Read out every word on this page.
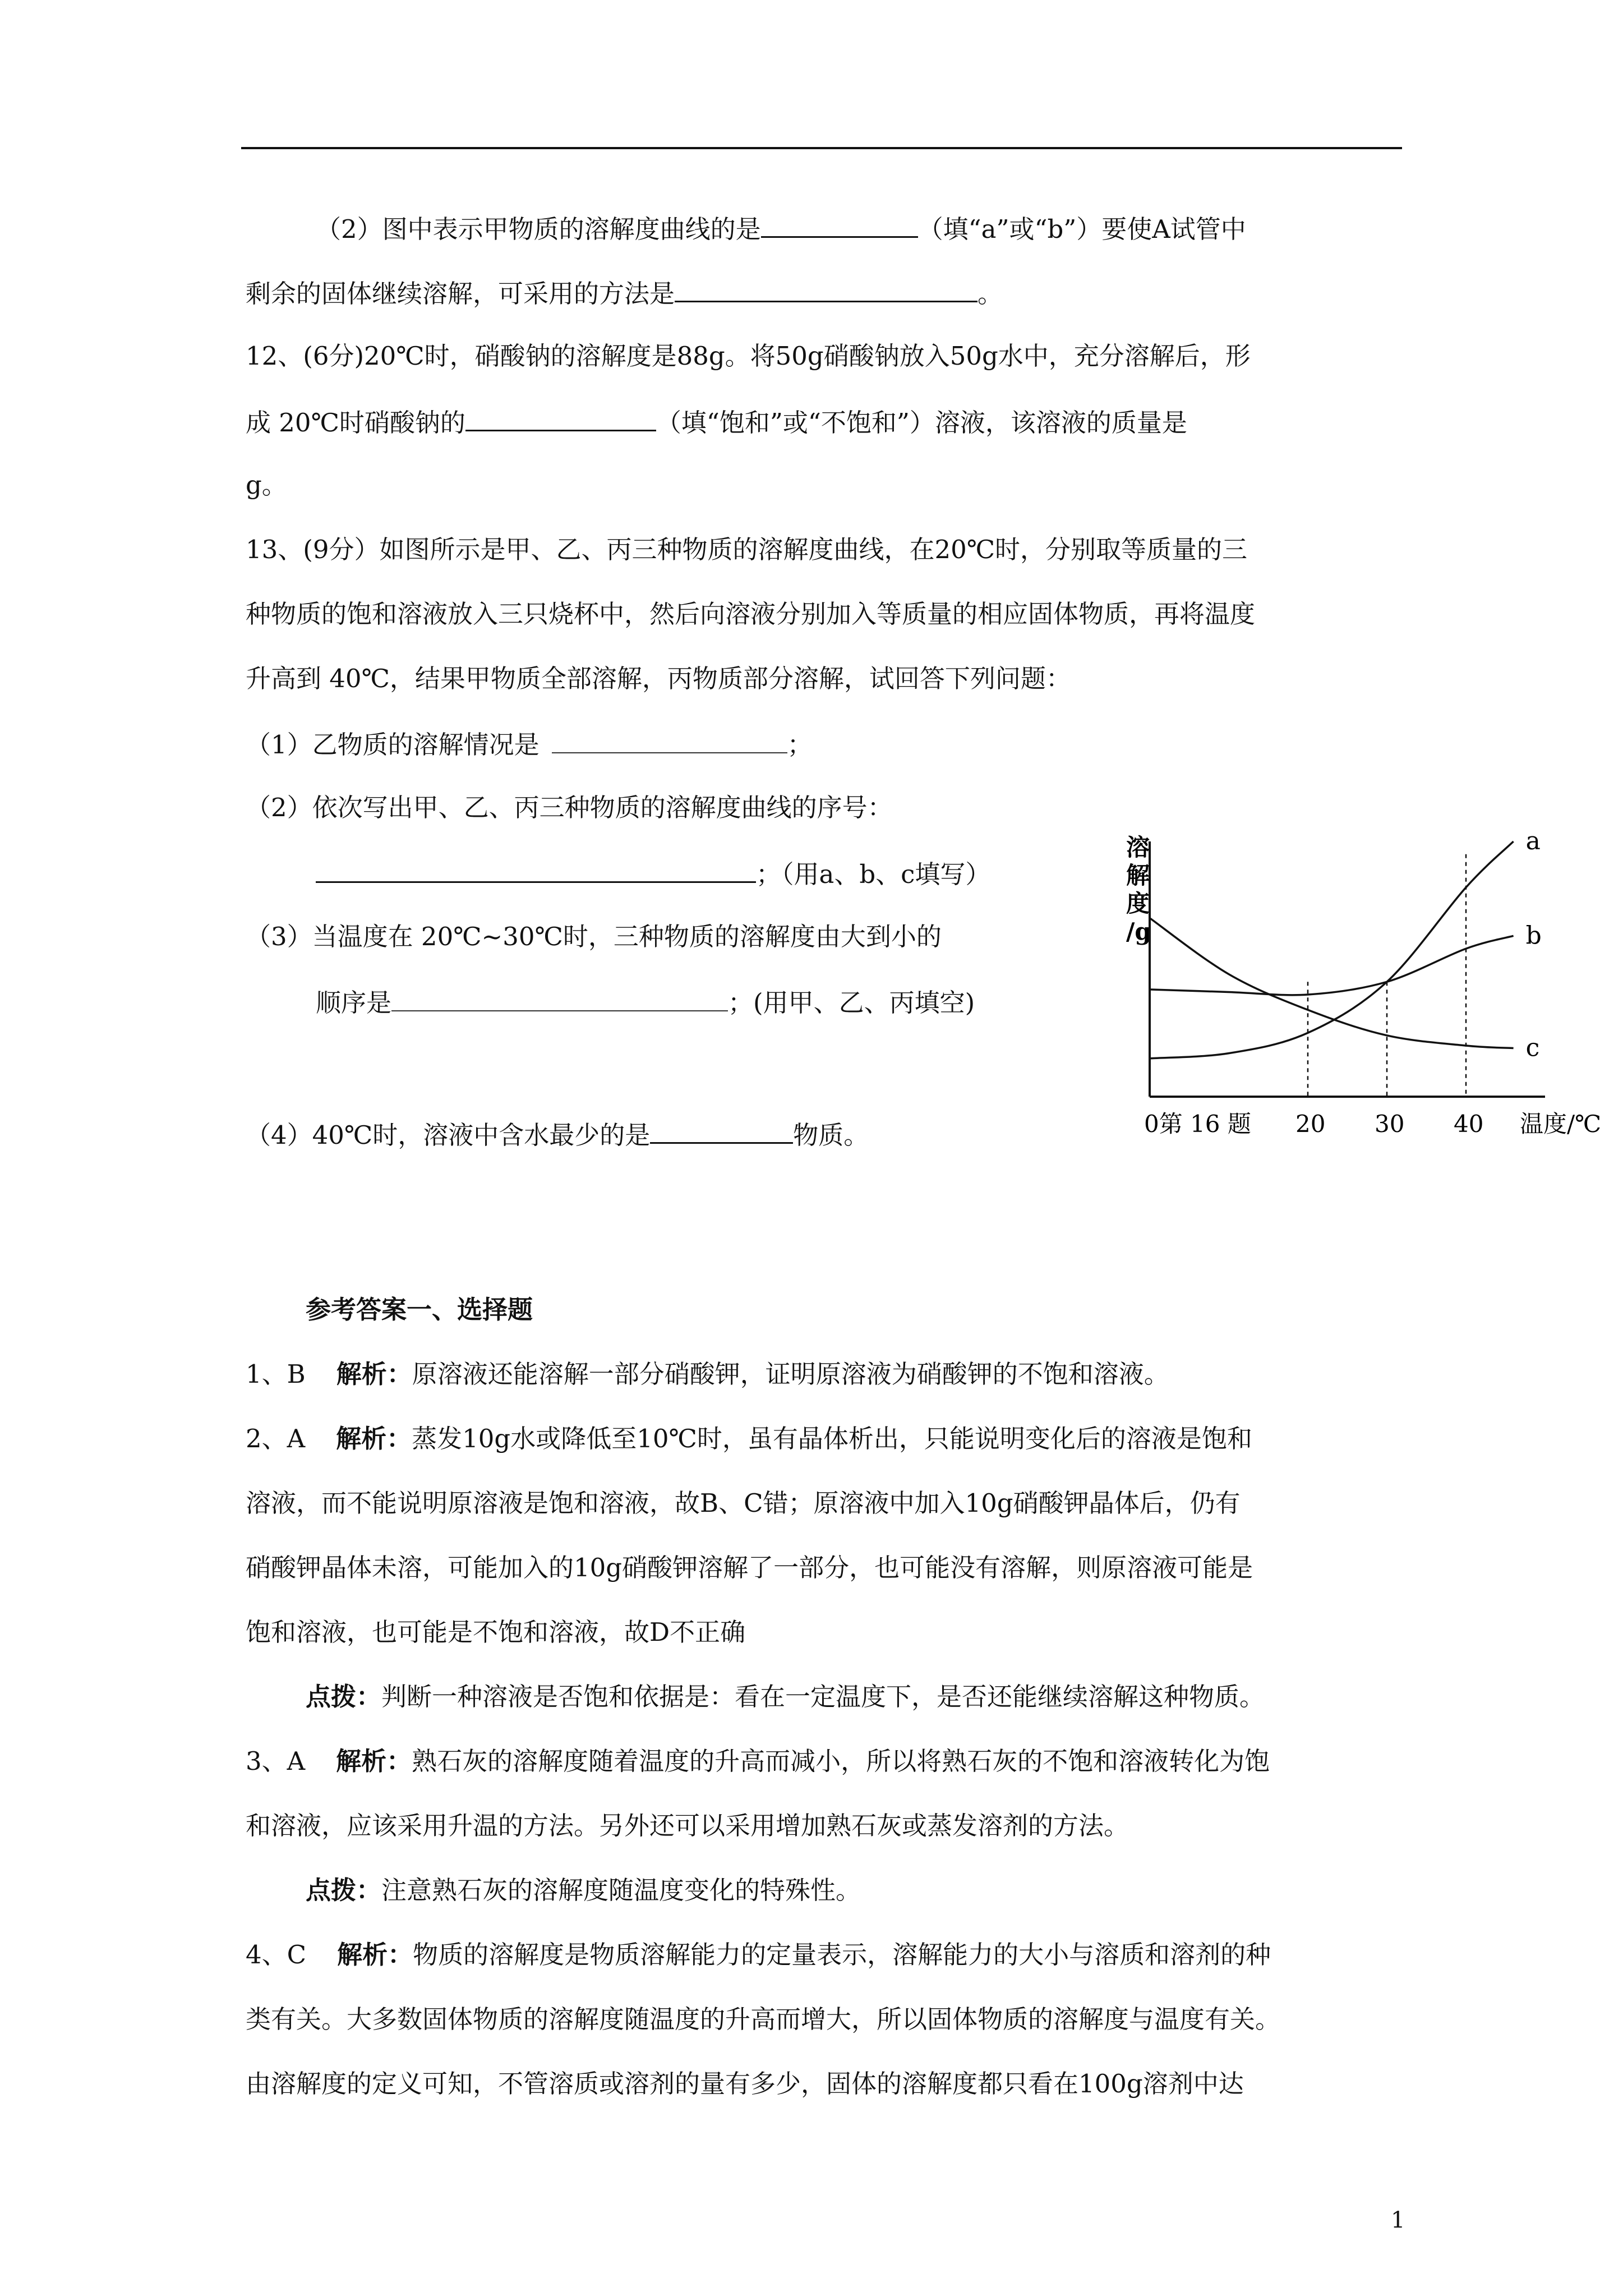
（2）图中表示甲物质的溶解度曲线的是	（填“a”或“b”）要使A试管中
剩余的固体继续溶解，可采用的方法是	。
12、(6分)20℃时，硝酸钠的溶解度是88g。将50g硝酸钠放入50g水中，充分溶解后，形
成 20℃时硝酸钠的	（填“饱和”或“不饱和”）溶液，该溶液的质量是
g。
13、(9分）如图所示是甲、乙、丙三种物质的溶解度曲线，在20℃时，分别取等质量的三
种物质的饱和溶液放入三只烧杯中，然后向溶液分别加入等质量的相应固体物质，再将温度
升高到 40℃，结果甲物质全部溶解，丙物质部分溶解，试回答下列问题：
（1）乙物质的溶解情况是	；
（2）依次写出甲、乙、丙三种物质的溶解度曲线的序号：
；（用a、b、c填写）
（3）当温度在 20℃~30℃时，三种物质的溶解度由大到小的
顺序是	；(用甲、乙、丙填空)
（4）40℃时，溶液中含水最少的是	物质。
溶
解
度
/g
0第 16 题	温度/℃
20 30 40
a
b
c
参考答案一、选择题
1、B 解析：原溶液还能溶解一部分硝酸钾，证明原溶液为硝酸钾的不饱和溶液。
2、A 解析：蒸发10g水或降低至10℃时，虽有晶体析出，只能说明变化后的溶液是饱和
溶液，而不能说明原溶液是饱和溶液，故B、C错；原溶液中加入10g硝酸钾晶体后，仍有
硝酸钾晶体未溶，可能加入的10g硝酸钾溶解了一部分，也可能没有溶解，则原溶液可能是
饱和溶液，也可能是不饱和溶液，故D不正确
点拨：判断一种溶液是否饱和依据是：看在一定温度下，是否还能继续溶解这种物质。
3、A 解析：熟石灰的溶解度随着温度的升高而减小，所以将熟石灰的不饱和溶液转化为饱
和溶液，应该采用升温的方法。另外还可以采用增加熟石灰或蒸发溶剂的方法。
点拨：注意熟石灰的溶解度随温度变化的特殊性。
4、C 解析：物质的溶解度是物质溶解能力的定量表示，溶解能力的大小与溶质和溶剂的种
类有关。大多数固体物质的溶解度随温度的升高而增大，所以固体物质的溶解度与温度有关。
由溶解度的定义可知，不管溶质或溶剂的量有多少，固体的溶解度都只看在100g溶剂中达
1
